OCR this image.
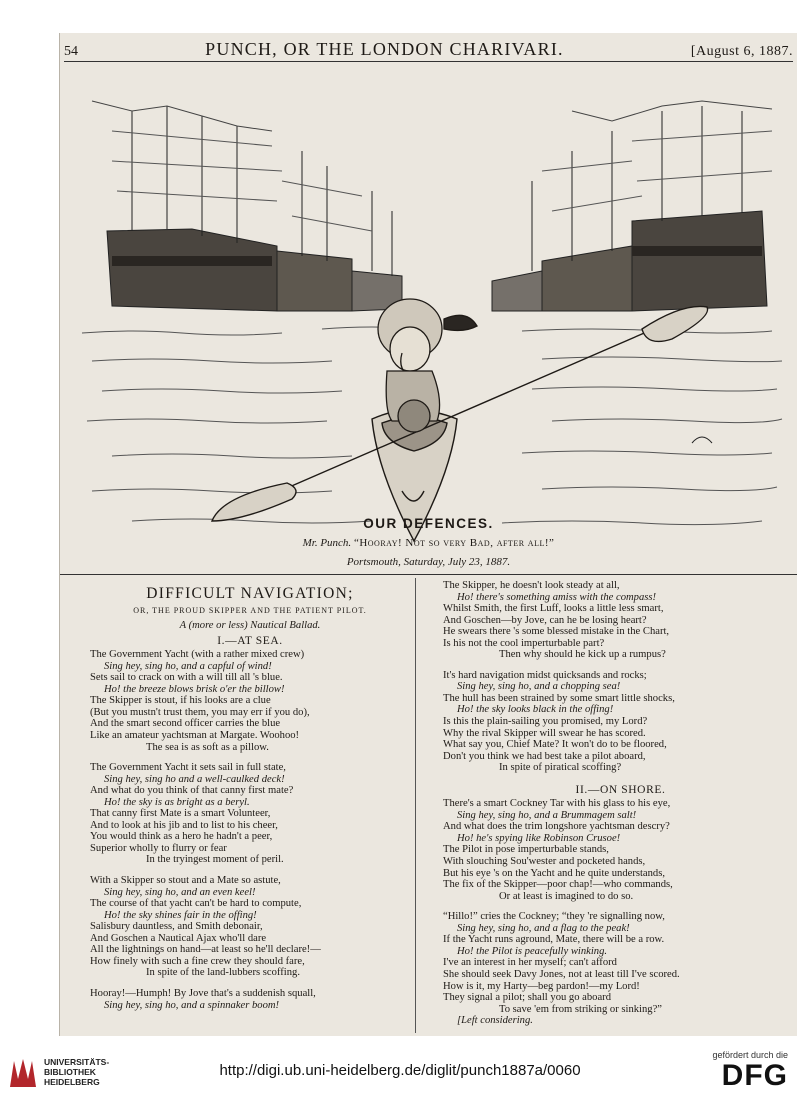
54	PUNCH, OR THE LONDON CHARIVARI.	[August 6, 1887.
OUR DEFENCES.
Mr. Punch. “Hooray! Not so very Bad, after all!”
Portsmouth, Saturday, July 23, 1887.
DIFFICULT NAVIGATION;
OR, THE PROUD SKIPPER AND THE PATIENT PILOT.
A (more or less) Nautical Ballad.
I.—AT SEA.
The Government Yacht (with a rather mixed crew)
Sing hey, sing ho, and a capful of wind!
Sets sail to crack on with a will till all 's blue.
Ho! the breeze blows brisk o'er the billow!
The Skipper is stout, if his looks are a clue
(But you mustn't trust them, you may err if you do),
And the smart second officer carries the blue
Like an amateur yachtsman at Margate. Woohoo!
The sea is as soft as a pillow.
The Government Yacht it sets sail in full state,
Sing hey, sing ho and a well-caulked deck!
And what do you think of that canny first mate?
Ho! the sky is as bright as a beryl.
That canny first Mate is a smart Volunteer,
And to look at his jib and to list to his cheer,
You would think as a hero he hadn't a peer,
Superior wholly to flurry or fear
In the tryingest moment of peril.
With a Skipper so stout and a Mate so astute,
Sing hey, sing ho, and an even keel!
The course of that yacht can't be hard to compute,
Ho! the sky shines fair in the offing!
Salisbury dauntless, and Smith debonair,
And Goschen a Nautical Ajax who'll dare
All the lightnings on hand—at least so he'll declare!—
How finely with such a fine crew they should fare,
In spite of the land-lubbers scoffing.
Hooray!—Humph! By Jove that's a suddenish squall,
Sing hey, sing ho, and a spinnaker boom!
The Skipper, he doesn't look steady at all,
Ho! there's something amiss with the compass!
Whilst Smith, the first Luff, looks a little less smart,
And Goschen—by Jove, can he be losing heart?
He swears there 's some blessed mistake in the Chart,
Is his not the cool imperturbable part?
Then why should he kick up a rumpus?
It's hard navigation midst quicksands and rocks;
Sing hey, sing ho, and a chopping sea!
The hull has been strained by some smart little shocks,
Ho! the sky looks black in the offing!
Is this the plain-sailing you promised, my Lord?
Why the rival Skipper will swear he has scored.
What say you, Chief Mate? It won't do to be floored,
Don't you think we had best take a pilot aboard,
In spite of piratical scoffing?
II.—ON SHORE.
There's a smart Cockney Tar with his glass to his eye,
Sing hey, sing ho, and a Brummagem salt!
And what does the trim longshore yachtsman descry?
Ho! he's spying like Robinson Crusoe!
The Pilot in pose imperturbable stands,
With slouching Sou'wester and pocketed hands,
But his eye 's on the Yacht and he quite understands,
The fix of the Skipper—poor chap!—who commands,
Or at least is imagined to do so.
“Hillo!” cries the Cockney; “they 're signalling now,
Sing hey, sing ho, and a flag to the peak!
If the Yacht runs aground, Mate, there will be a row.
Ho! the Pilot is peacefully winking.
I've an interest in her myself; can't afford
She should seek Davy Jones, not at least till I've scored.
How is it, my Harty—beg pardon!—my Lord!
They signal a pilot; shall you go aboard
To save 'em from striking or sinking?”
[Left considering.
UNIVERSITÄTS-
BIBLIOTHEK
HEIDELBERG
http://digi.ub.uni-heidelberg.de/diglit/punch1887a/0060
gefördert durch die
DFG
